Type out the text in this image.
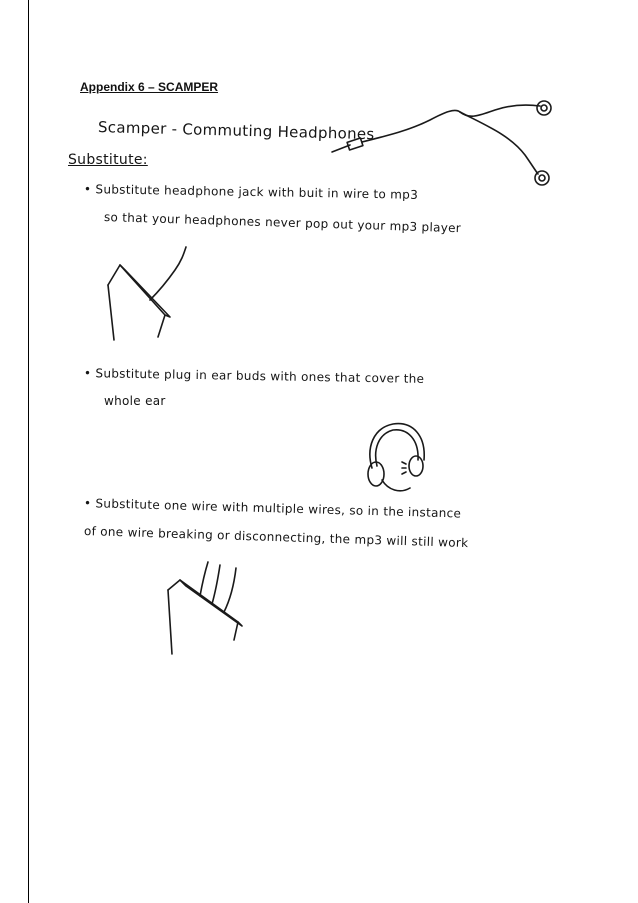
Appendix 6 – SCAMPER
Scamper - Commuting Headphones
Substitute:
• Substitute headphone jack with buit in wire to mp3
so that your headphones never pop out your mp3 player
• Substitute plug in ear buds with ones that cover the
whole ear
• Substitute one wire with multiple wires, so in the instance
of one wire breaking or disconnecting, the mp3 will still work
